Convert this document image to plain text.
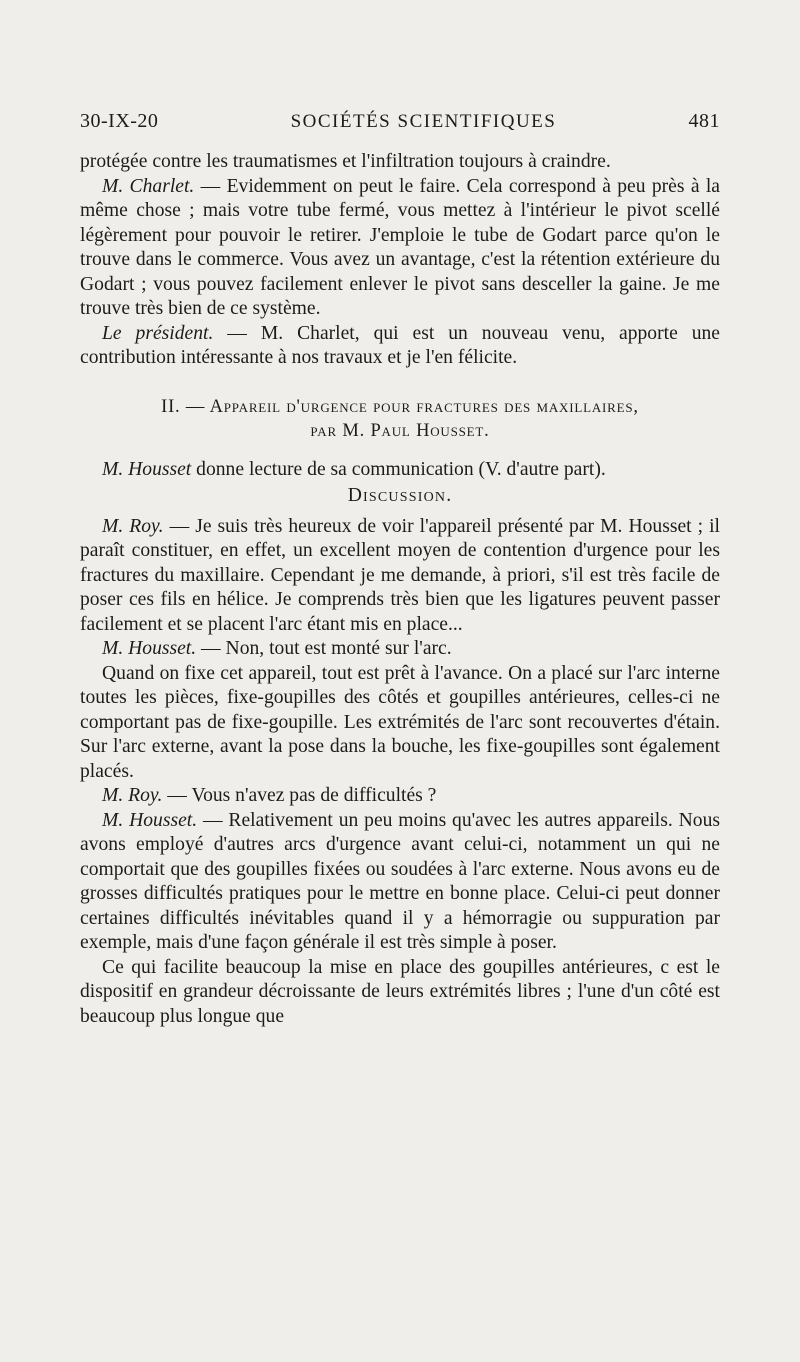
30-IX-20	SOCIÉTÉS SCIENTIFIQUES	481

protégée contre les traumatismes et l'infiltration toujours à craindre.

M. Charlet. — Evidemment on peut le faire. Cela correspond à peu près à la même chose ; mais votre tube fermé, vous mettez à l'intérieur le pivot scellé légèrement pour pouvoir le retirer. J'emploie le tube de Godart parce qu'on le trouve dans le commerce. Vous avez un avantage, c'est la rétention extérieure du Godart ; vous pouvez facilement enlever le pivot sans desceller la gaine. Je me trouve très bien de ce système.

Le président. — M. Charlet, qui est un nouveau venu, apporte une contribution intéressante à nos travaux et je l'en félicite.

II. — Appareil d'urgence pour fractures des maxillaires,
par M. Paul Housset.

M. Housset donne lecture de sa communication (V. d'autre part).

Discussion.

M. Roy. — Je suis très heureux de voir l'appareil présenté par M. Housset ; il paraît constituer, en effet, un excellent moyen de contention d'urgence pour les fractures du maxillaire. Cependant je me demande, à priori, s'il est très facile de poser ces fils en hélice. Je comprends très bien que les ligatures peuvent passer facilement et se placent l'arc étant mis en place...

M. Housset. — Non, tout est monté sur l'arc.

Quand on fixe cet appareil, tout est prêt à l'avance. On a placé sur l'arc interne toutes les pièces, fixe-goupilles des côtés et goupilles antérieures, celles-ci ne comportant pas de fixe-goupille. Les extrémités de l'arc sont recouvertes d'étain. Sur l'arc externe, avant la pose dans la bouche, les fixe-goupilles sont également placés.

M. Roy. — Vous n'avez pas de difficultés ?

M. Housset. — Relativement un peu moins qu'avec les autres appareils. Nous avons employé d'autres arcs d'urgence avant celui-ci, notamment un qui ne comportait que des goupilles fixées ou soudées à l'arc externe. Nous avons eu de grosses difficultés pratiques pour le mettre en bonne place. Celui-ci peut donner certaines difficultés inévitables quand il y a hémorragie ou suppuration par exemple, mais d'une façon générale il est très simple à poser.

Ce qui facilite beaucoup la mise en place des goupilles antérieures, c est le dispositif en grandeur décroissante de leurs extrémités libres ; l'une d'un côté est beaucoup plus longue que
